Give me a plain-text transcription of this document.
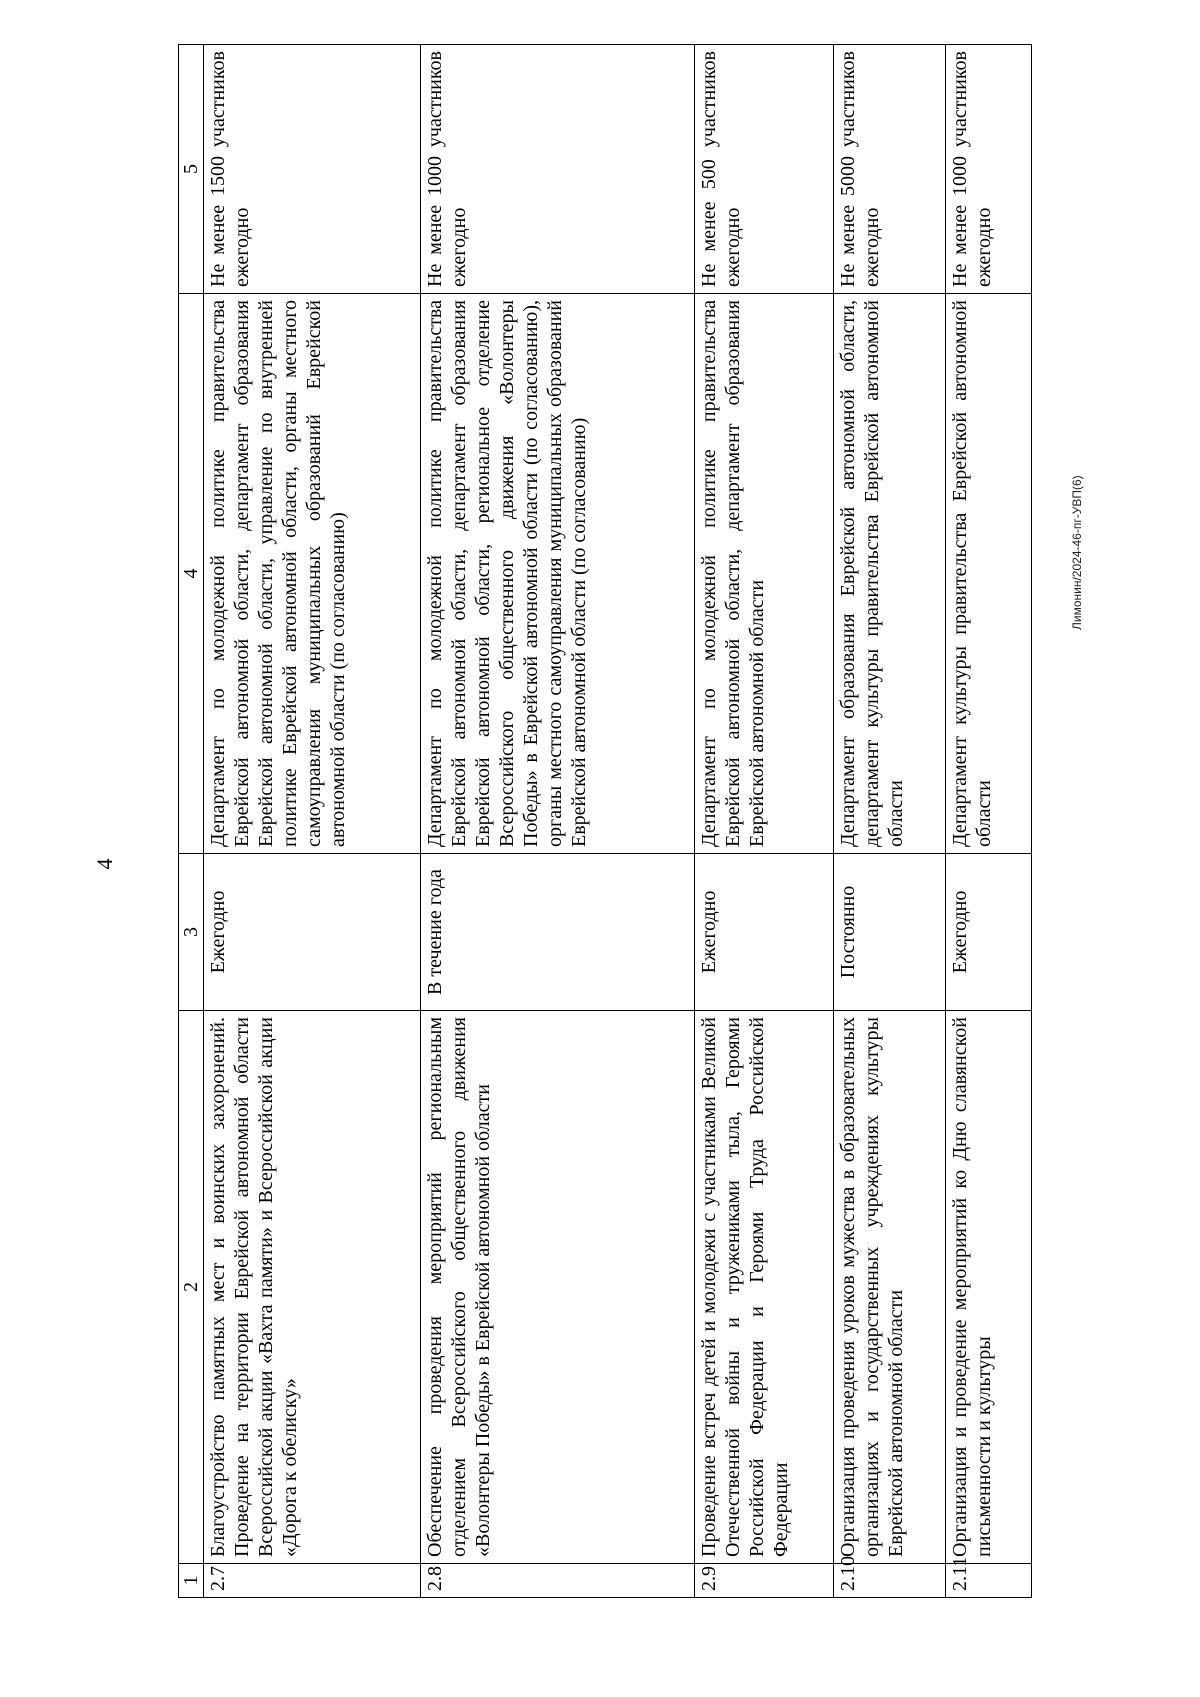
4
Лимонин/2024-46-пг-УВП(6)
1	2	3	4	5
2.7	Благоустройство памятных мест и воинских захоронений. Проведение на территории Еврейской автономной области Всероссийской акции «Вахта памяти» и Всероссийской акции «Дорога к обелиску»	Ежегодно	Департамент по молодежной политике правительства Еврейской автономной области, департамент образования Еврейской автономной области, управление по внутренней политике Еврейской автономной области, органы местного самоуправления муниципальных образований Еврейской автономной области (по согласованию)	Не менее 1500 участников ежегодно
2.8	Обеспечение проведения мероприятий региональным отделением Всероссийского общественного движения «Волонтеры Победы» в Еврейской автономной области	В течение года	Департамент по молодежной политике правительства Еврейской автономной области, департамент образования Еврейской автономной области, региональное отделение Всероссийского общественного движения «Волонтеры Победы» в Еврейской автономной области (по согласованию), органы местного самоуправления муниципальных образований Еврейской автономной области (по согласованию)	Не менее 1000 участников ежегодно
2.9	Проведение встреч детей и молодежи с участниками Великой Отечественной войны и тружениками тыла, Героями Российской Федерации и Героями Труда Российской Федерации	Ежегодно	Департамент по молодежной политике правительства Еврейской автономной области, департамент образования Еврейской автономной области	Не менее 500 участников ежегодно
2.10	Организация проведения уроков мужества в образовательных организациях и государственных учреждениях культуры Еврейской автономной области	Постоянно	Департамент образования Еврейской автономной области, департамент культуры правительства Еврейской автономной области	Не менее 5000 участников ежегодно
2.11	Организация и проведение мероприятий ко Дню славянской письменности и культуры	Ежегодно	Департамент культуры правительства Еврейской автономной области	Не менее 1000 участников ежегодно
